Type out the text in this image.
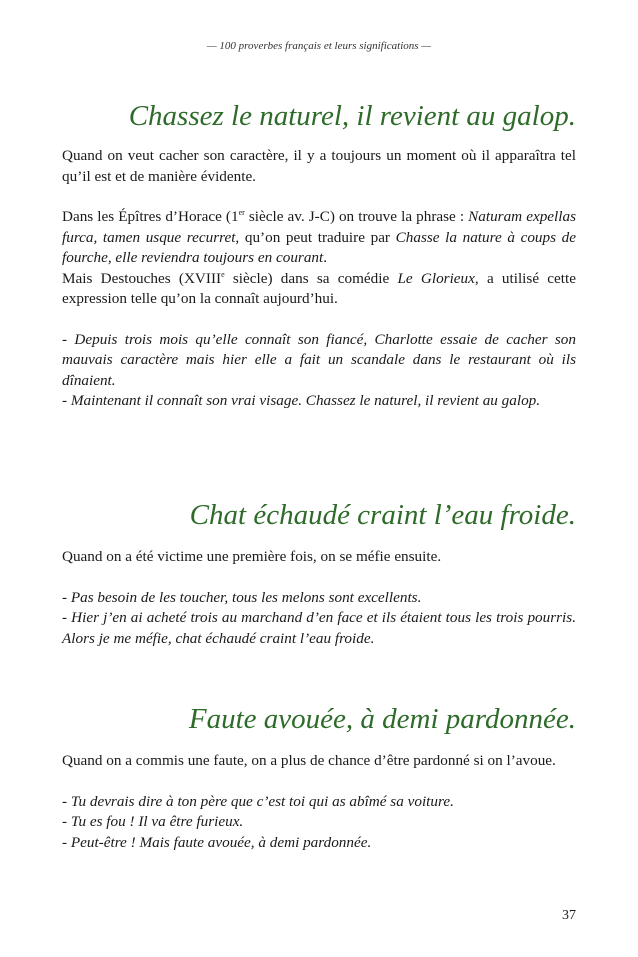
— 100 proverbes français et leurs significations —
Chassez le naturel, il revient au galop.

Quand on veut cacher son caractère, il y a toujours un moment où il apparaîtra tel qu’il est et de manière évidente.

Dans les Épîtres d’Horace (1er siècle av. J-C) on trouve la phrase : Naturam expellas furca, tamen usque recurret, qu’on peut traduire par Chasse la nature à coups de fourche, elle reviendra toujours en courant.

Mais Destouches (XVIIIe siècle) dans sa comédie Le Glorieux, a utilisé cette expression telle qu’on la connaît aujourd’hui.

- Depuis trois mois qu’elle connaît son fiancé, Charlotte essaie de cacher son mauvais caractère mais hier elle a fait un scandale dans le restaurant où ils dînaient.

- Maintenant il connaît son vrai visage. Chassez le naturel, il revient au galop.

Chat échaudé craint l’eau froide.

Quand on a été victime une première fois, on se méfie ensuite.

- Pas besoin de les toucher, tous les melons sont excellents.

- Hier j’en ai acheté trois au marchand d’en face et ils étaient tous les trois pourris. Alors je me méfie, chat échaudé craint l’eau froide.

Faute avouée, à demi pardonnée.

Quand on a commis une faute, on a plus de chance d’être pardonné si on l’avoue.

- Tu devrais dire à ton père que c’est toi qui as abîmé sa voiture.

- Tu es fou ! Il va être furieux.

- Peut-être ! Mais faute avouée, à demi pardonnée.

37
